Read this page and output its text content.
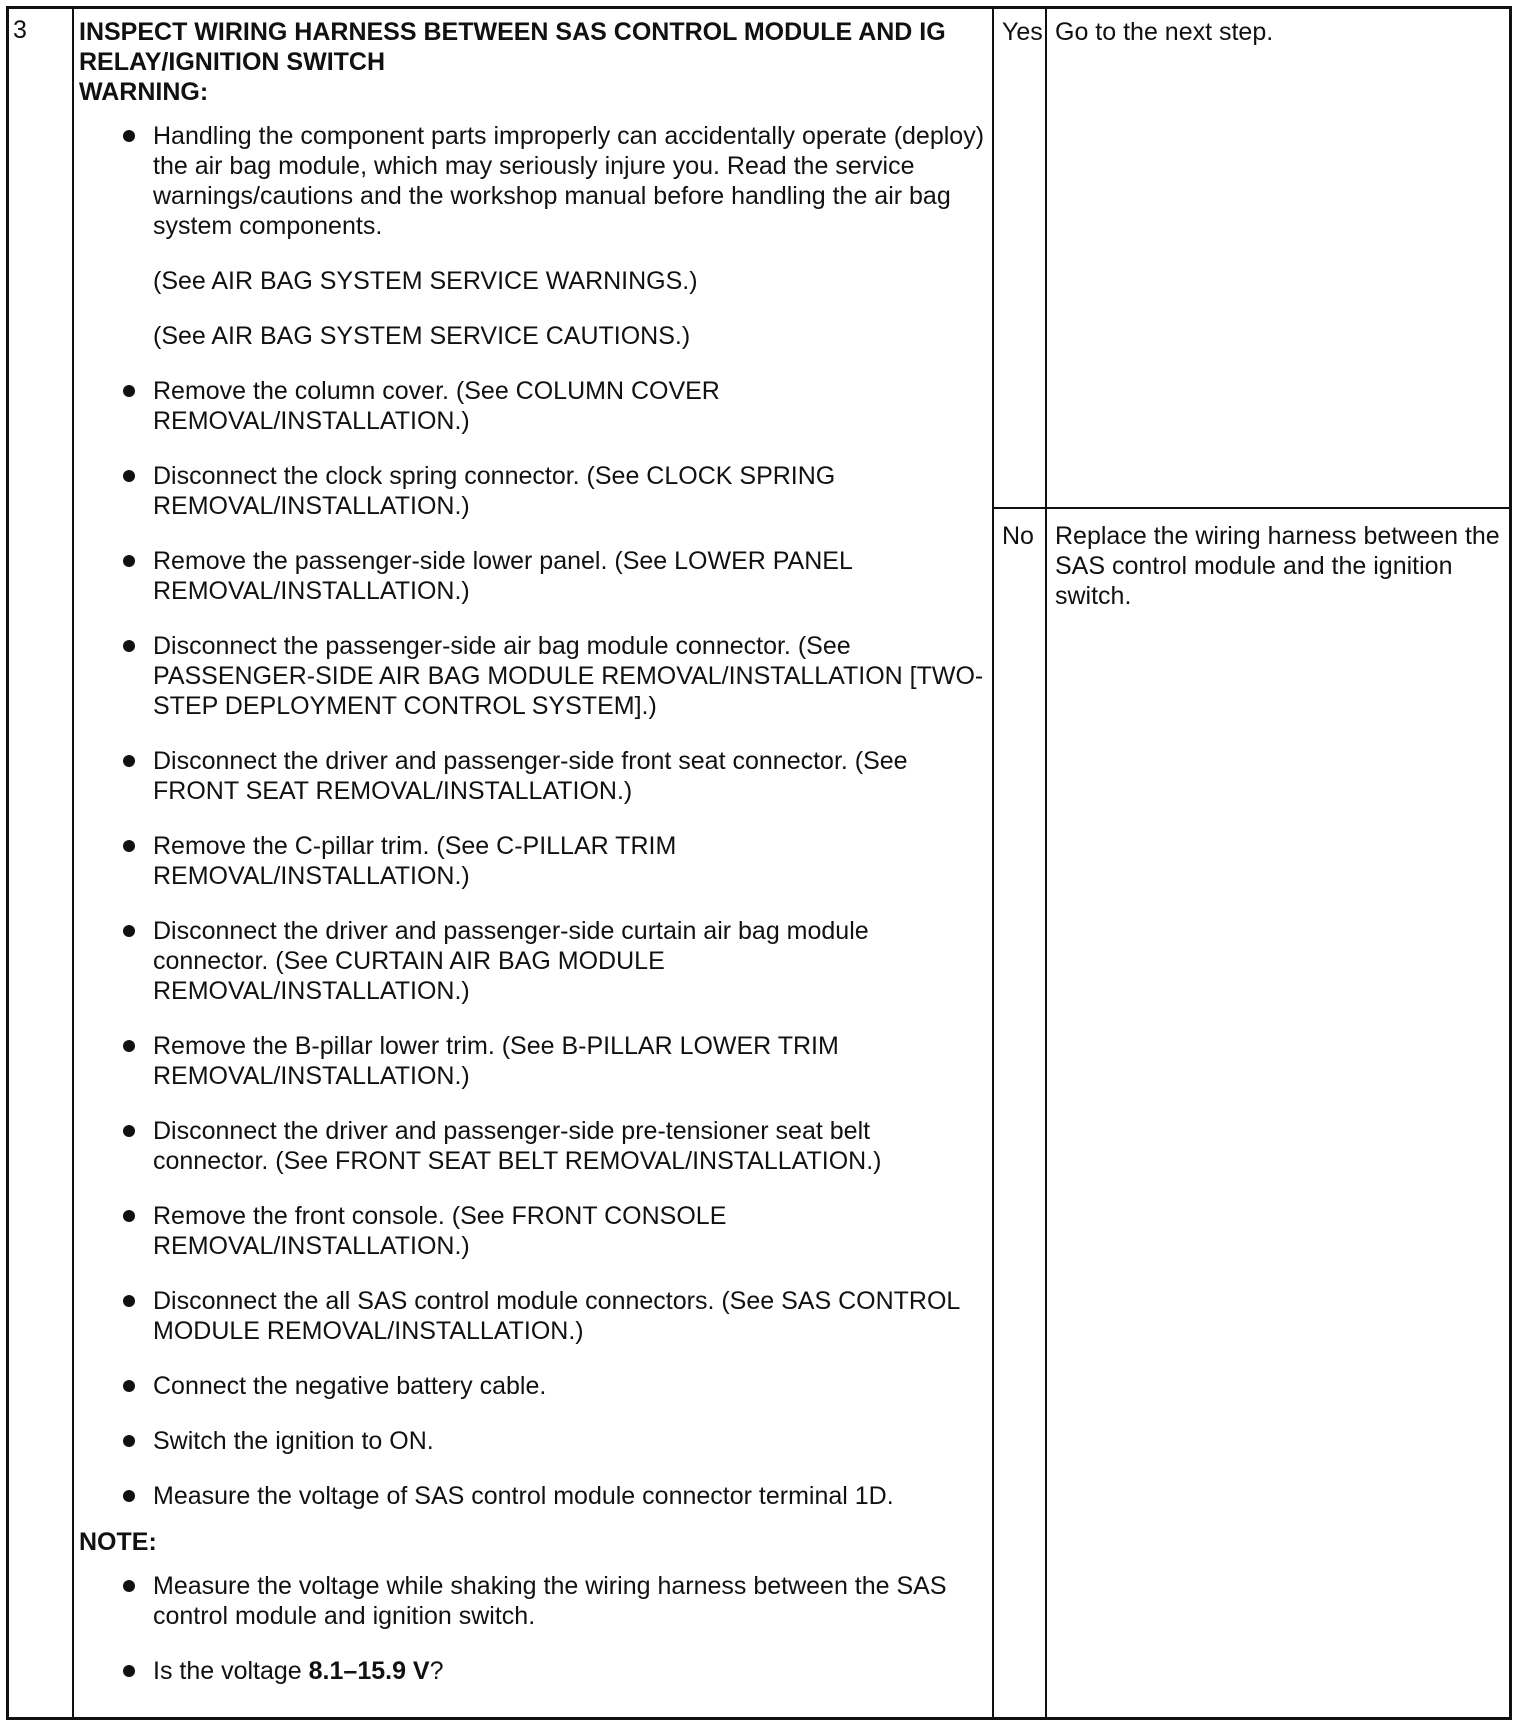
3 INSPECT WIRING HARNESS BETWEEN SAS CONTROL MODULE AND IG RELAY/IGNITION SWITCH

WARNING:

Handling the component parts improperly can accidentally operate (deploy) the air bag module, which may seriously injure you. Read the service warnings/cautions and the workshop manual before handling the air bag system components.
(See AIR BAG SYSTEM SERVICE WARNINGS.)
(See AIR BAG SYSTEM SERVICE CAUTIONS.)
Remove the column cover. (See COLUMN COVER REMOVAL/INSTALLATION.)
Disconnect the clock spring connector. (See CLOCK SPRING REMOVAL/INSTALLATION.)
Remove the passenger-side lower panel. (See LOWER PANEL REMOVAL/INSTALLATION.)
Disconnect the passenger-side air bag module connector. (See PASSENGER-SIDE AIR BAG MODULE REMOVAL/INSTALLATION [TWO-STEP DEPLOYMENT CONTROL SYSTEM].)
Disconnect the driver and passenger-side front seat connector. (See FRONT SEAT REMOVAL/INSTALLATION.)
Remove the C-pillar trim. (See C-PILLAR TRIM REMOVAL/INSTALLATION.)
Disconnect the driver and passenger-side curtain air bag module connector. (See CURTAIN AIR BAG MODULE REMOVAL/INSTALLATION.)
Remove the B-pillar lower trim. (See B-PILLAR LOWER TRIM REMOVAL/INSTALLATION.)
Disconnect the driver and passenger-side pre-tensioner seat belt connector. (See FRONT SEAT BELT REMOVAL/INSTALLATION.)
Remove the front console. (See FRONT CONSOLE REMOVAL/INSTALLATION.)
Disconnect the all SAS control module connectors. (See SAS CONTROL MODULE REMOVAL/INSTALLATION.)
Connect the negative battery cable.
Switch the ignition to ON.
Measure the voltage of SAS control module connector terminal 1D.

NOTE:

Measure the voltage while shaking the wiring harness between the SAS control module and ignition switch.
Is the voltage 8.1–15.9 V?
Yes Go to the next step.
No Replace the wiring harness between the SAS control module and the ignition switch.
